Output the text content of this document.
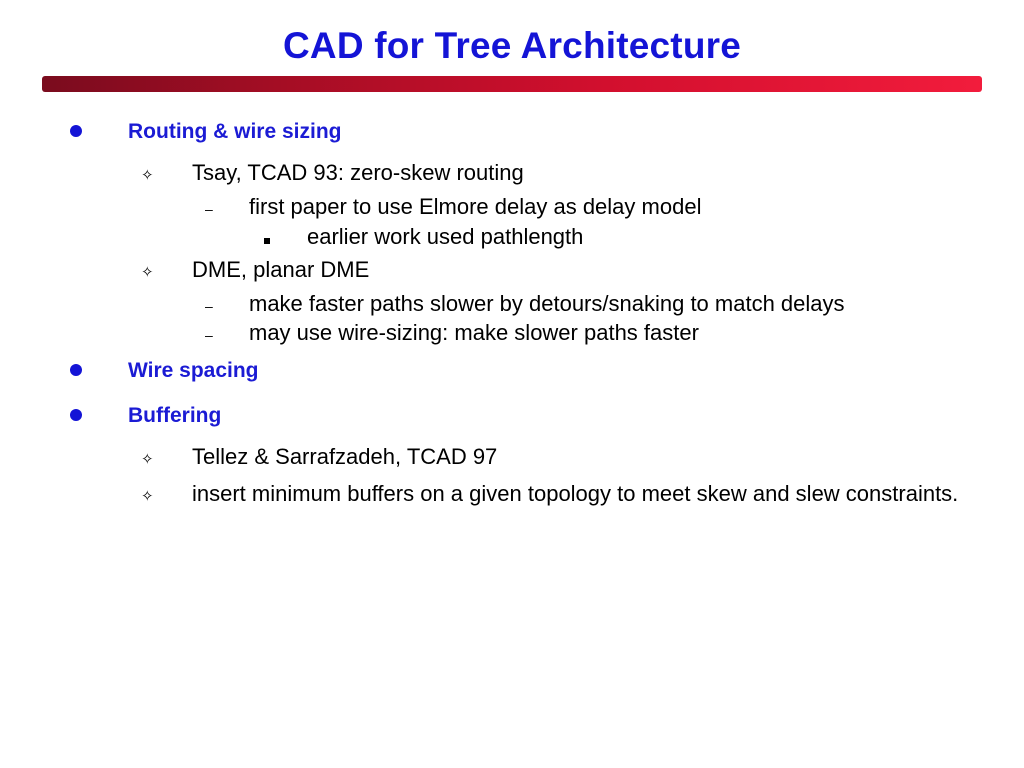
CAD for Tree Architecture
Routing & wire sizing
✧ Tsay, TCAD 93: zero-skew routing
– first paper to use Elmore delay as delay model
earlier work used pathlength
✧ DME, planar DME
– make faster paths slower by detours/snaking to match delays
– may use wire-sizing: make slower paths faster
Wire spacing
Buffering
✧ Tellez & Sarrafzadeh, TCAD 97
✧ insert minimum buffers on a given topology to meet skew and slew constraints.
